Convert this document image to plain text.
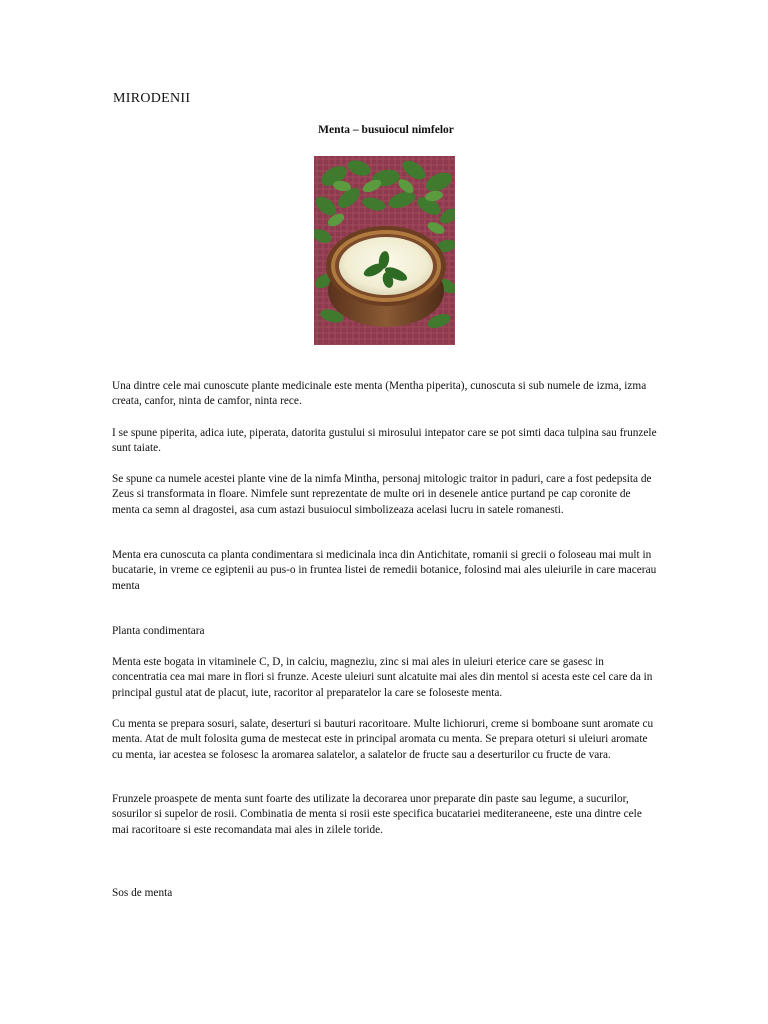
MIRODENII
Menta – busuiocul nimfelor

Una dintre cele mai cunoscute plante medicinale este menta (Mentha piperita), cunoscuta si sub numele de izma, izma creata, canfor, ninta de camfor, ninta rece.

I se spune piperita, adica iute, piperata, datorita gustului si mirosului intepator care se pot simti daca tulpina sau frunzele sunt taiate.

Se spune ca numele acestei plante vine de la nimfa Mintha, personaj mitologic traitor in paduri, care a fost pedepsita de Zeus si transformata in floare. Nimfele sunt reprezentate de multe ori in desenele antice purtand pe cap coronite de menta ca semn al dragostei, asa cum astazi busuiocul simbolizeaza acelasi lucru in satele romanesti.

Menta era cunoscuta ca planta condimentara si medicinala inca din Antichitate, romanii si grecii o foloseau mai mult in bucatarie, in vreme ce egiptenii au pus-o in fruntea listei de remedii botanice, folosind mai ales uleiurile in care macerau menta

Planta condimentara

Menta este bogata in vitaminele C, D, in calciu, magneziu, zinc si mai ales in uleiuri eterice care se gasesc in concentratia cea mai mare in flori si frunze. Aceste uleiuri sunt alcatuite mai ales din mentol si acesta este cel care da in principal gustul atat de placut, iute, racoritor al preparatelor la care se foloseste menta.

Cu menta se prepara sosuri, salate, deserturi si bauturi racoritoare. Multe lichioruri, creme si bomboane sunt aromate cu menta. Atat de mult folosita guma de mestecat este in principal aromata cu menta. Se prepara oteturi si uleiuri aromate cu menta, iar acestea se folosesc la aromarea salatelor, a salatelor de fructe sau a deserturilor cu fructe de vara.

Frunzele proaspete de menta sunt foarte des utilizate la decorarea unor preparate din paste sau legume, a sucurilor, sosurilor si supelor de rosii. Combinatia de menta si rosii este specifica bucatariei mediteraneene, este una dintre cele mai racoritoare si este recomandata mai ales in zilele toride.

Sos de menta
